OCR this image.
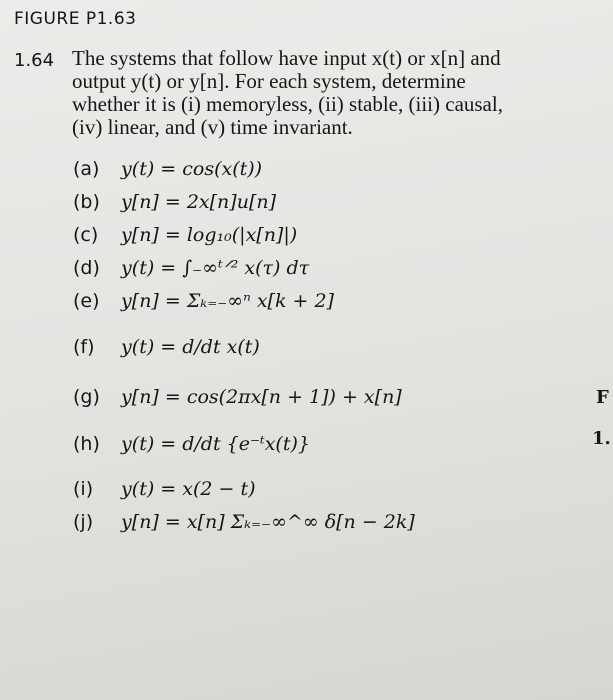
FIGURE P1.63
1.64 The systems that follow have input x(t) or x[n] and
output y(t) or y[n]. For each system, determine
whether it is (i) memoryless, (ii) stable, (iii) causal,
(iv) linear, and (v) time invariant.
(a) y(t) = cos(x(t))
(b) y[n] = 2x[n]u[n]
(c) y[n] = log₁₀(|x[n]|)
(d) y(t) = ∫₋∞ᵗᐟ² x(τ) dτ
(e) y[n] = Σₖ₌₋∞ⁿ x[k + 2]
(f) y(t) = d/dt x(t)
(g) y[n] = cos(2πx[n + 1]) + x[n]
(h) y(t) = d/dt {e⁻ᵗx(t)}
(i) y(t) = x(2 − t)
(j) y[n] = x[n] Σₖ₌₋∞^∞ δ[n − 2k]
F
1.
